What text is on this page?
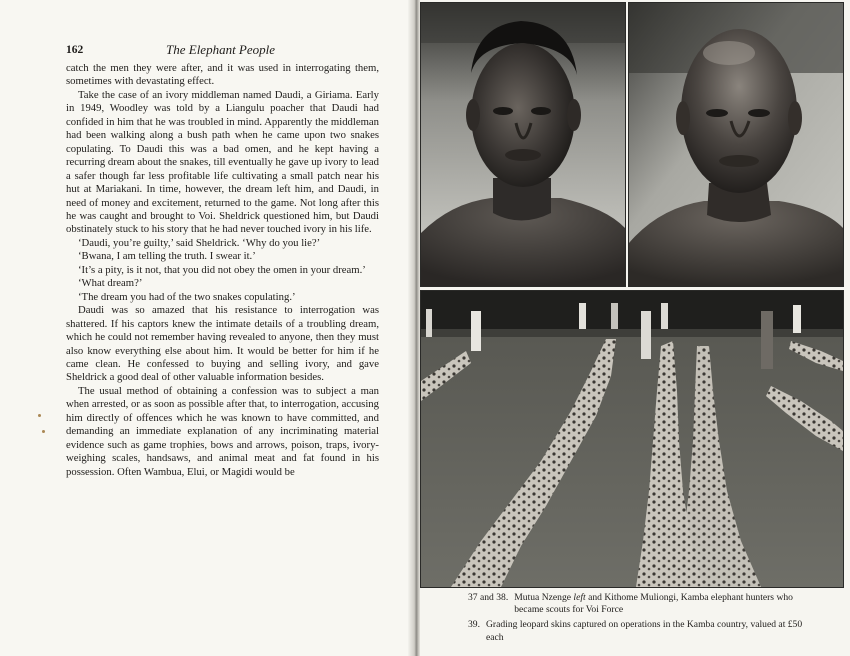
162	The Elephant People

catch the men they were after, and it was used in interrogating them, sometimes with devastating effect.

Take the case of an ivory middleman named Daudi, a Giriama. Early in 1949, Woodley was told by a Liangulu poacher that Daudi had confided in him that he was troubled in mind. Apparently the middleman had been walking along a bush path when he came upon two snakes copulating. To Daudi this was a bad omen, and he kept having a recurring dream about the snakes, till eventually he gave up ivory to lead a safer though far less profitable life cultivating a small patch near his hut at Mariakani. In time, however, the dream left him, and Daudi, in need of money and excitement, returned to the game. Not long after this he was caught and brought to Voi. Sheldrick questioned him, but Daudi obstinately stuck to his story that he had never touched ivory in his life.

‘Daudi, you’re guilty,’ said Sheldrick. ‘Why do you lie?’

‘Bwana, I am telling the truth. I swear it.’

‘It’s a pity, is it not, that you did not obey the omen in your dream.’

‘What dream?’

‘The dream you had of the two snakes copulating.’

Daudi was so amazed that his resistance to interrogation was shattered. If his captors knew the intimate details of a troubling dream, which he could not remember having revealed to anyone, then they must also know everything else about him. It would be better for him if he came clean. He confessed to buying and selling ivory, and gave Sheldrick a good deal of other valuable information besides.

The usual method of obtaining a confession was to subject a man when arrested, or as soon as possible after that, to interrogation, accusing him directly of offences which he was known to have committed, and demanding an immediate explanation of any incriminating material evidence such as game trophies, bows and arrows, poison, traps, ivory-weighing scales, handsaws, and animal meat and fat found in his possession. Often Wambua, Elui, or Magidi would be

37 and 38. Mutua Nzenge left and Kithome Muliongi, Kamba elephant hunters who became scouts for Voi Force
39. Grading leopard skins captured on operations in the Kamba country, valued at £50 each
